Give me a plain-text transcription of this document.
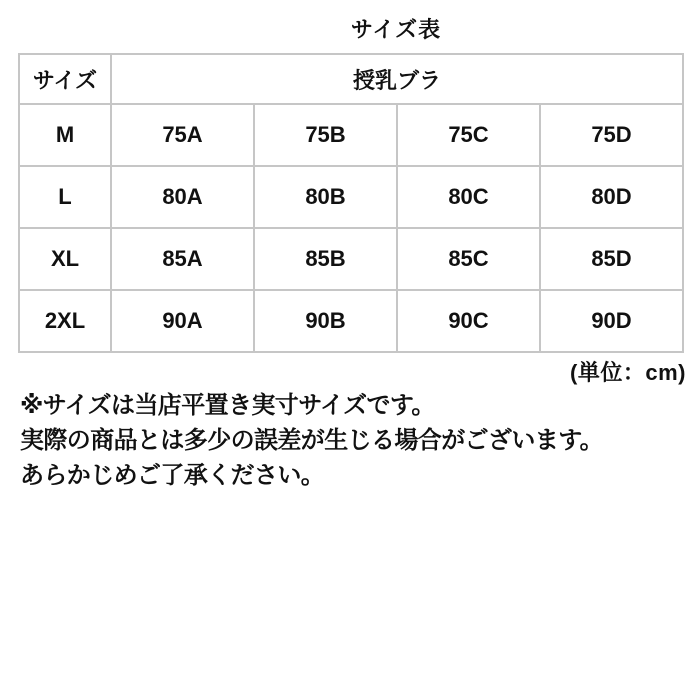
サイズ表
サイズ	授乳ブラ			
M	75A	75B	75C	75D
L	80A	80B	80C	80D
XL	85A	85B	85C	85D
2XL	90A	90B	90C	90D
(単位：cm)
※サイズは当店平置き実寸サイズです。
実際の商品とは多少の誤差が生じる場合がございます。
あらかじめご了承ください。
